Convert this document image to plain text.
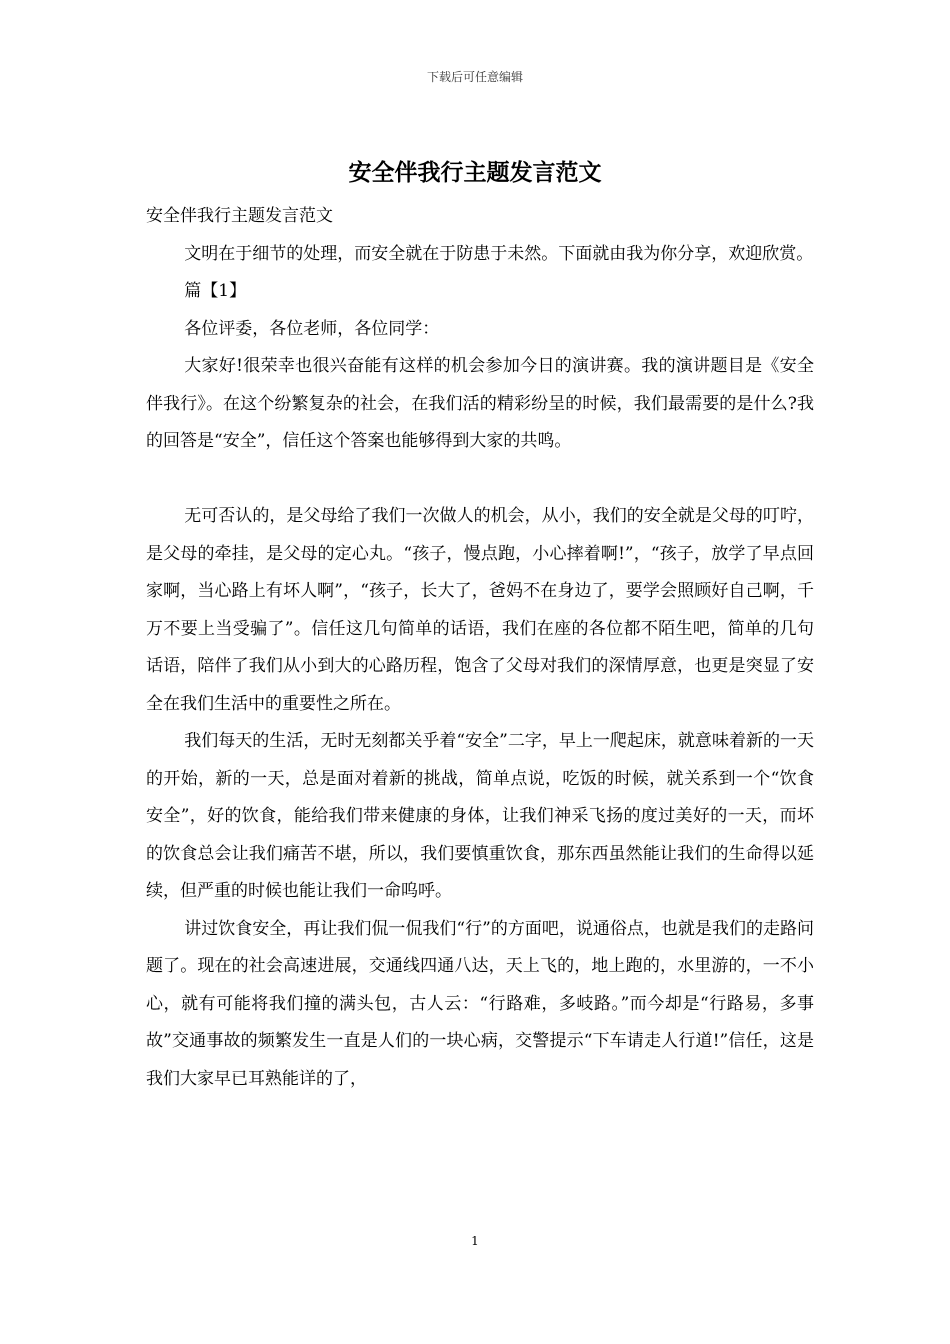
下载后可任意编辑
安全伴我行主题发言范文

安全伴我行主题发言范文

文明在于细节的处理，而安全就在于防患于未然。下面就由我为你分享，欢迎欣赏。

篇【1】

各位评委，各位老师，各位同学：

大家好!很荣幸也很兴奋能有这样的机会参加今日的演讲赛。我的演讲题目是《安全伴我行》。在这个纷繁复杂的社会，在我们活的精彩纷呈的时候，我们最需要的是什么?我的回答是“安全”，信任这个答案也能够得到大家的共鸣。

无可否认的，是父母给了我们一次做人的机会，从小，我们的安全就是父母的叮咛，是父母的牵挂，是父母的定心丸。“孩子，慢点跑，小心摔着啊!”，“孩子，放学了早点回家啊，当心路上有坏人啊”，“孩子，长大了，爸妈不在身边了，要学会照顾好自己啊，千万不要上当受骗了”。信任这几句简单的话语，我们在座的各位都不陌生吧，简单的几句话语，陪伴了我们从小到大的心路历程，饱含了父母对我们的深情厚意，也更是突显了安全在我们生活中的重要性之所在。

我们每天的生活，无时无刻都关乎着“安全”二字，早上一爬起床，就意味着新的一天的开始，新的一天，总是面对着新的挑战，简单点说，吃饭的时候，就关系到一个“饮食安全”，好的饮食，能给我们带来健康的身体，让我们神采飞扬的度过美好的一天，而坏的饮食总会让我们痛苦不堪，所以，我们要慎重饮食，那东西虽然能让我们的生命得以延续，但严重的时候也能让我们一命呜呼。

讲过饮食安全，再让我们侃一侃我们“行”的方面吧，说通俗点，也就是我们的走路问题了。现在的社会高速进展，交通线四通八达，天上飞的，地上跑的，水里游的，一不小心，就有可能将我们撞的满头包，古人云：“行路难，多岐路。”而今却是“行路易，多事故”交通事故的频繁发生一直是人们的一块心病，交警提示“下车请走人行道!”信任，这是我们大家早已耳熟能详的了，

1
